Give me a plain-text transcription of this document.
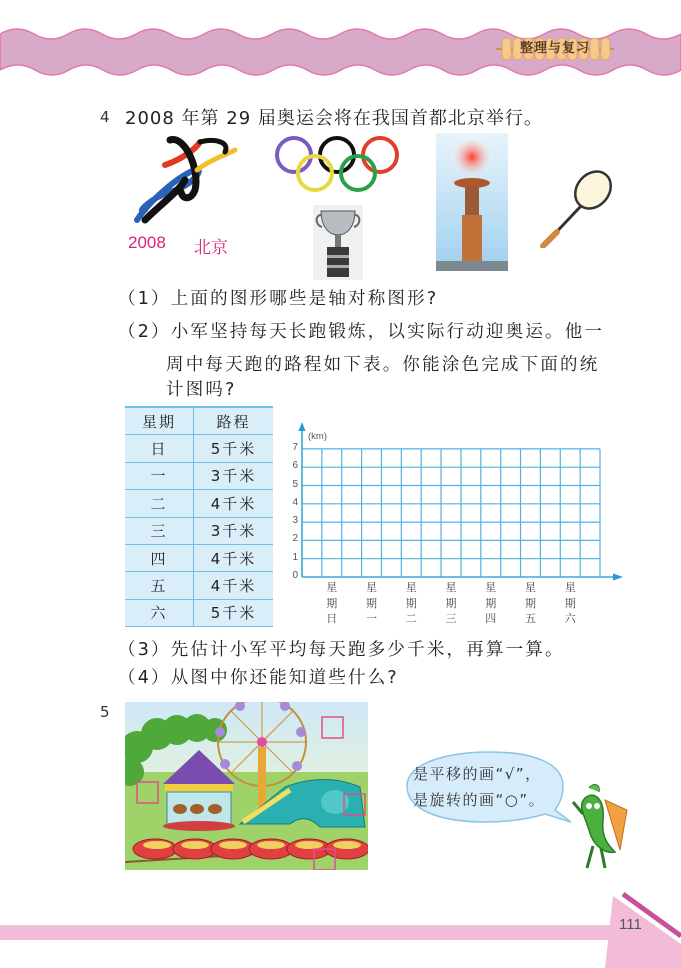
整理与复习
4 2008 年第 29 届奥运会将在我国首都北京举行。
2008 北京
（1）上面的图形哪些是轴对称图形?
（2）小军坚持每天长跑锻炼，以实际行动迎奥运。他一
周中每天跑的路程如下表。你能涂色完成下面的统
计图吗?
星期	路程
日	5千米
一	3千米
二	4千米
三	3千米
四	4千米
五	4千米
六	5千米
(km)
0
1
2
3
4
5
6
7
星
期
日
星
期
一
星
期
二
星
期
三
星
期
四
星
期
五
星
期
六
（3）先估计小军平均每天跑多少千米，再算一算。
（4）从图中你还能知道些什么?
5
是平移的画“√”，
是旋转的画“○”。
111
